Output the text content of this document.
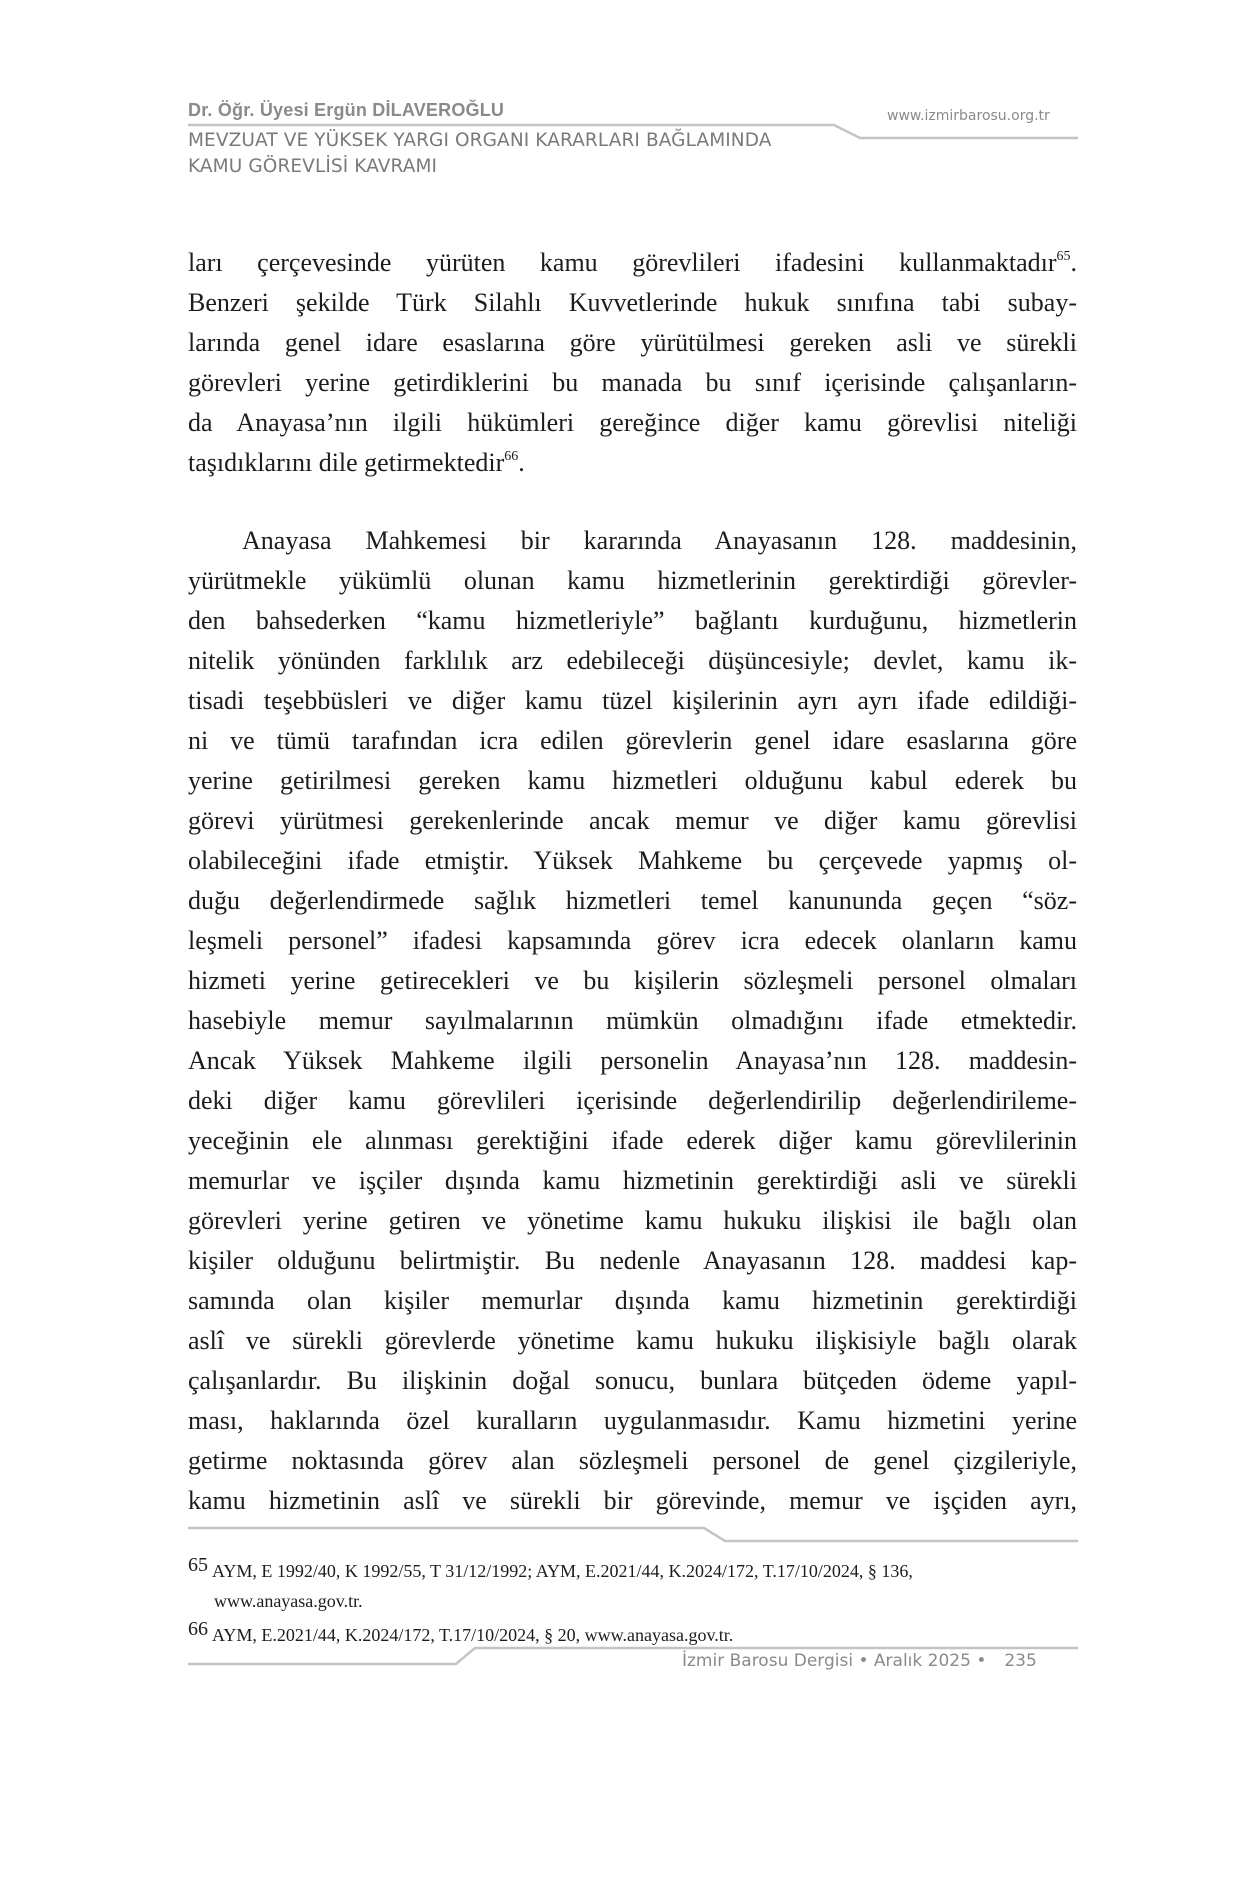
Dr. Öğr. Üyesi Ergün DİLAVEROĞLU
MEVZUAT VE YÜKSEK YARGI ORGANI KARARLARI BAĞLAMINDA
KAMU GÖREVLİSİ KAVRAMI
www.izmirbarosu.org.tr
ları çerçevesinde yürüten kamu görevlileri ifadesini kullanmaktadır$^{65}$.
Benzeri şekilde Türk Silahlı Kuvvetlerinde hukuk sınıfına tabi subay-
larında genel idare esaslarına göre yürütülmesi gereken asli ve sürekli
görevleri yerine getirdiklerini bu manada bu sınıf içerisinde çalışanların-
da Anayasa’nın ilgili hükümleri gereğince diğer kamu görevlisi niteliği
taşıdıklarını dile getirmektedir$^{66}$.
Anayasa Mahkemesi bir kararında Anayasanın 128. maddesinin,
yürütmekle yükümlü olunan kamu hizmetlerinin gerektirdiği görevler-
den bahsederken “kamu hizmetleriyle” bağlantı kurduğunu, hizmetlerin
nitelik yönünden farklılık arz edebileceği düşüncesiyle; devlet, kamu ik-
tisadi teşebbüsleri ve diğer kamu tüzel kişilerinin ayrı ayrı ifade edildiği-
ni ve tümü tarafından icra edilen görevlerin genel idare esaslarına göre
yerine getirilmesi gereken kamu hizmetleri olduğunu kabul ederek bu
görevi yürütmesi gerekenlerinde ancak memur ve diğer kamu görevlisi
olabileceğini ifade etmiştir. Yüksek Mahkeme bu çerçevede yapmış ol-
duğu değerlendirmede sağlık hizmetleri temel kanununda geçen “söz-
leşmeli personel” ifadesi kapsamında görev icra edecek olanların kamu
hizmeti yerine getirecekleri ve bu kişilerin sözleşmeli personel olmaları
hasebiyle memur sayılmalarının mümkün olmadığını ifade etmektedir.
Ancak Yüksek Mahkeme ilgili personelin Anayasa’nın 128. maddesin-
deki diğer kamu görevlileri içerisinde değerlendirilip değerlendirileme-
yeceğinin ele alınması gerektiğini ifade ederek diğer kamu görevlilerinin
memurlar ve işçiler dışında kamu hizmetinin gerektirdiği asli ve sürekli
görevleri yerine getiren ve yönetime kamu hukuku ilişkisi ile bağlı olan
kişiler olduğunu belirtmiştir. Bu nedenle Anayasanın 128. maddesi kap-
samında olan kişiler memurlar dışında kamu hizmetinin gerektirdiği
aslî ve sürekli görevlerde yönetime kamu hukuku ilişkisiyle bağlı olarak
çalışanlardır. Bu ilişkinin doğal sonucu, bunlara bütçeden ödeme yapıl-
ması, haklarında özel kuralların uygulanmasıdır. Kamu hizmetini yerine
getirme noktasında görev alan sözleşmeli personel de genel çizgileriyle,
kamu hizmetinin aslî ve sürekli bir görevinde, memur ve işçiden ayrı,
65 AYM, E 1992/40, K 1992/55, T 31/12/1992; AYM, E.2021/44, K.2024/172, T.17/10/2024, § 136,
www.anayasa.gov.tr.
66 AYM, E.2021/44, K.2024/172, T.17/10/2024, § 20, www.anayasa.gov.tr.
İzmir Barosu Dergisi • Aralık 2025 • 235
